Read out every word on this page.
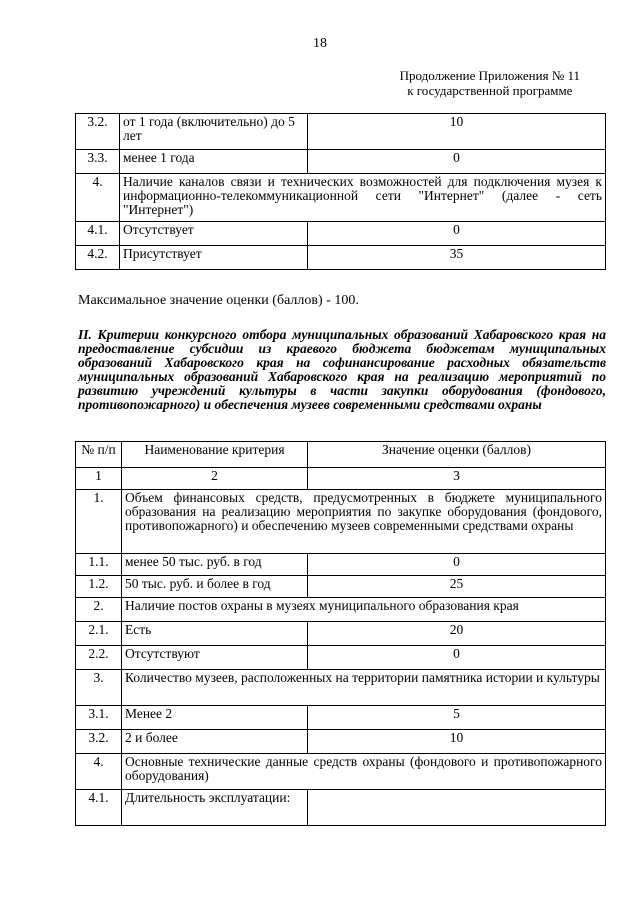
18
Продолжение Приложения № 11
к государственной программе
3.2.	от 1 года (включительно) до 5 лет	10
3.3.	менее 1 года	0
4.	Наличие каналов связи и технических возможностей для подключения музея к информационно-телекоммуникационной сети "Интернет" (далее - сеть "Интернет")	
4.1.	Отсутствует	0
4.2.	Присутствует	35
Максимальное значение оценки (баллов) - 100.

II. Критерии конкурсного отбора муниципальных образований Хабаровского края на предоставление субсидии из краевого бюджета бюджетам муниципальных образований Хабаровского края на софинансирование расходных обязательств муниципальных образований Хабаровского края на реализацию мероприятий по развитию учреждений культуры в части закупки оборудования (фондового, противопожарного) и обеспечения музеев современными средствами охраны

№ п/п	Наименование критерия	Значение оценки (баллов)
1	2	3
1.	Объем финансовых средств, предусмотренных в бюджете муниципального образования на реализацию мероприятия по закупке оборудования (фондового, противопожарного) и обеспечению музеев современными средствами охраны	
1.1.	менее 50 тыс. руб. в год	0
1.2.	50 тыс. руб. и более в год	25
2.	Наличие постов охраны в музеях муниципального образования края	
2.1.	Есть	20
2.2.	Отсутствуют	0
3.	Количество музеев, расположенных на территории памятника истории и культуры	
3.1.	Менее 2	5
3.2.	2 и более	10
4.	Основные технические данные средств охраны (фондового и противопожарного оборудования)	
4.1.	Длительность эксплуатации:	
